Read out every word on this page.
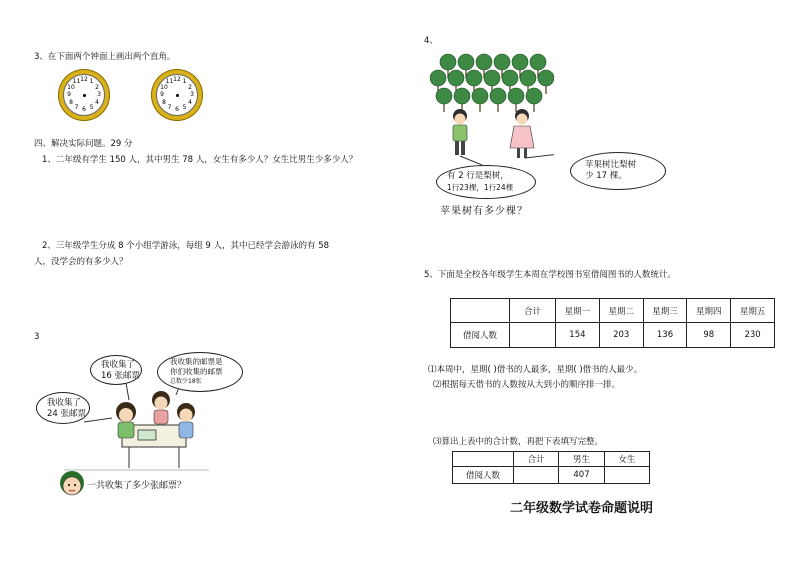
3、在下面两个钟面上画出两个直角。
12 1
2
3
4
5
6
7
8
9
10
11	12 1
2
3
4
5
6
7
8
9
10
11
四、解决实际问题。29 分
1、二年级有学生 150 人，其中男生 78 人，女生有多少人？女生比男生少多少人？
2、三年级学生分成 8 个小组学游泳，每组 9 人，其中已经学会游泳的有 58
人，没学会的有多少人？
3
我收集了
16 张邮票
我收集的邮票是
你们收集的邮票
总数少18张
我收集了
24 张邮票
一共收集了多少张邮票？
4、
有 2 行是梨树，
1行23棵，1行24棵
苹果树有多少棵？
苹果树比梨树
少 17 棵。
5、下面是全校各年级学生本周在学校图书室借阅图书的人数统计。
	合计	星期一	星期二	星期三	星期四	星期五
借阅人数		154	203	136	98	230
⑴本周中，星期( )借书的人最多，星期( )借书的人最少。
⑵根据每天借书的人数按从大到小的顺序排一排。
⑶算出上表中的合计数，再把下表填写完整。
	合计	男生	女生
借阅人数		407	
二年级数学试卷命题说明
